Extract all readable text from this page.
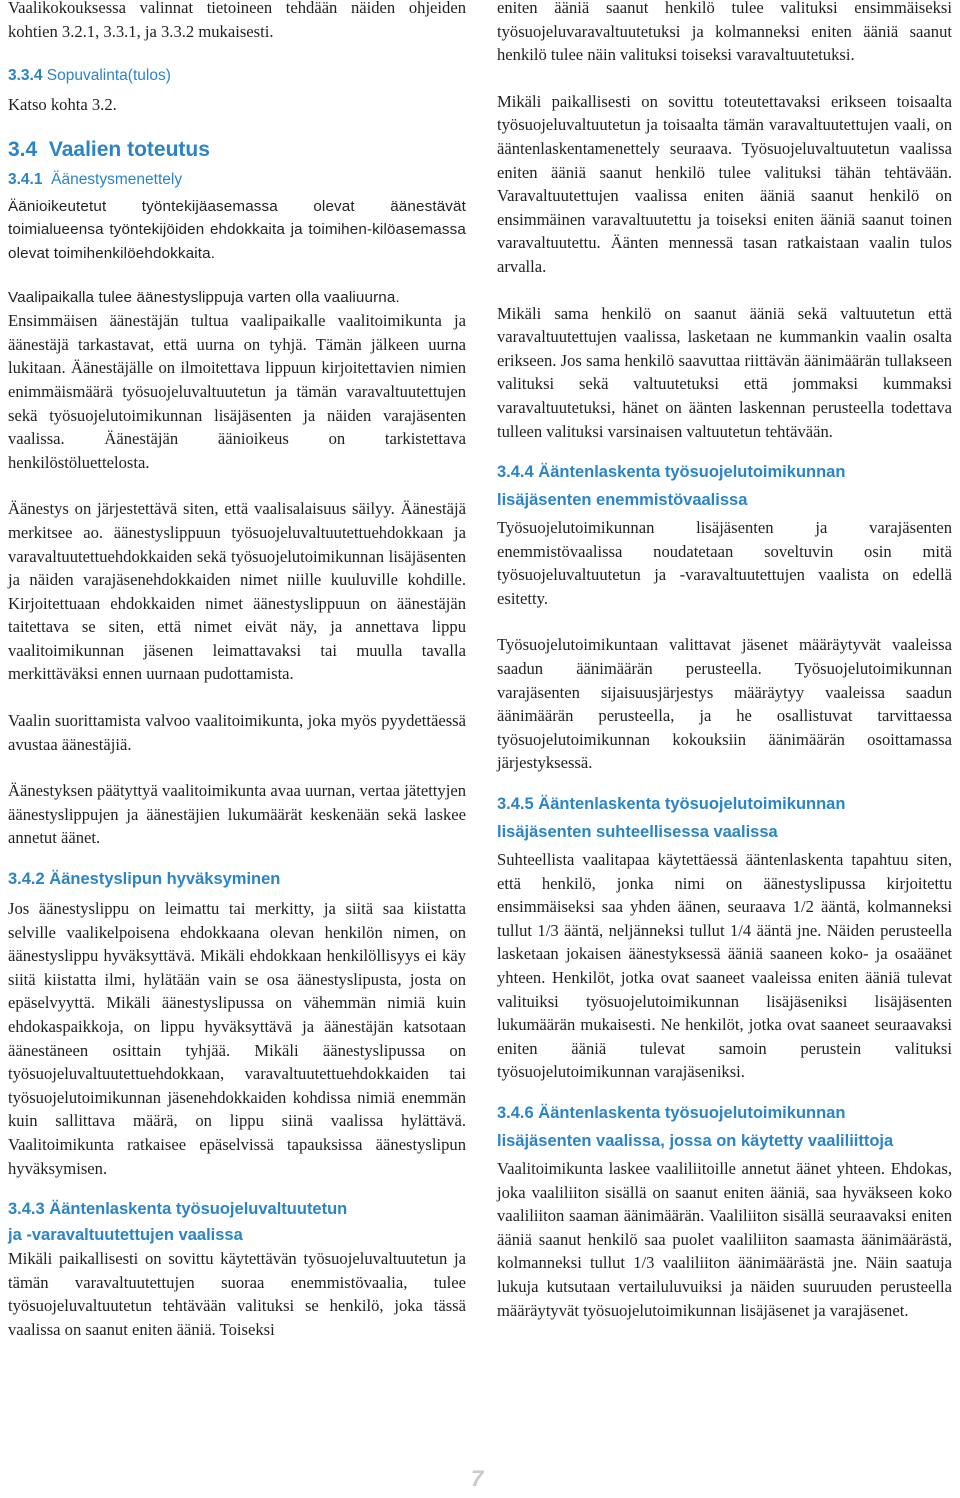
Vaalikokouksessa valinnat tietoineen tehdään näiden ohjeiden kohtien 3.2.1, 3.3.1, ja 3.3.2 mukaisesti.

3.3.4 Sopuvalinta(tulos)

Katso kohta 3.2.

3.4 Vaalien toteutus
3.4.1 Äänestysmenettely

Äänioikeutetut työntekijäasemassa olevat äänestävät toimialueensa työntekijöiden ehdokkaita ja toimihen-kilöasemassa olevat toimihenkilöehdokkaita.

Vaalipaikalla tulee äänestyslippuja varten olla vaaliuurna.

Ensimmäisen äänestäjän tultua vaalipaikalle vaalitoimikunta ja äänestäjä tarkastavat, että uurna on tyhjä. Tämän jälkeen uurna lukitaan. Äänestäjälle on ilmoitettava lippuun kirjoitettavien nimien enimmäismäärä työsuojeluvaltuutetun ja tämän varavaltuutettujen sekä työsuojelutoimikunnan lisäjäsenten ja näiden varajäsenten vaalissa. Äänestäjän äänioikeus on tarkistettava henkilöstöluettelosta.

Äänestys on järjestettävä siten, että vaalisalaisuus säilyy. Äänestäjä merkitsee ao. äänestyslippuun työsuojeluvaltuutettuehdokkaan ja varavaltuutettuehdokkaiden sekä työsuojelutoimikunnan lisäjäsenten ja näiden varajäsenehdokkaiden nimet niille kuuluville kohdille. Kirjoitettuaan ehdokkaiden nimet äänestyslippuun on äänestäjän taitettava se siten, että nimet eivät näy, ja annettava lippu vaalitoimikunnan jäsenen leimattavaksi tai muulla tavalla merkittäväksi ennen uurnaan pudottamista.

Vaalin suorittamista valvoo vaalitoimikunta, joka myös pyydettäessä avustaa äänestäjiä.

Äänestyksen päätyttyä vaalitoimikunta avaa uurnan, vertaa jätettyjen äänestyslippujen ja äänestäjien lukumäärät keskenään sekä laskee annetut äänet.

3.4.2 Äänestyslipun hyväksyminen

Jos äänestyslippu on leimattu tai merkitty, ja siitä saa kiistatta selville vaalikelpoisena ehdokkaana olevan henkilön nimen, on äänestyslippu hyväksyttävä. Mikäli ehdokkaan henkilöllisyys ei käy siitä kiistatta ilmi, hylätään vain se osa äänestyslipusta, josta on epäselvyyttä. Mikäli äänestyslipussa on vähemmän nimiä kuin ehdokaspaikkoja, on lippu hyväksyttävä ja äänestäjän katsotaan äänestäneen osittain tyhjää. Mikäli äänestyslipussa on työsuojeluvaltuutettuehdokkaan, varavaltuutettuehdokkaiden tai työsuojelutoimikunnan jäsenehdokkaiden kohdissa nimiä enemmän kuin sallittava määrä, on lippu siinä vaalissa hylättävä. Vaalitoimikunta ratkaisee epäselvissä tapauksissa äänestyslipun hyväksymisen.

3.4.3 Ääntenlaskenta työsuojeluvaltuutetun
ja -varavaltuutettujen vaalissa

Mikäli paikallisesti on sovittu käytettävän työsuojeluvaltuutetun ja tämän varavaltuutettujen suoraa enemmistövaalia, tulee työsuojeluvaltuutetun tehtävään valituksi se henkilö, joka tässä vaalissa on saanut eniten ääniä. Toiseksi

eniten ääniä saanut henkilö tulee valituksi ensimmäiseksi työsuojeluvaravaltuutetuksi ja kolmanneksi eniten ääniä saanut henkilö tulee näin valituksi toiseksi varavaltuutetuksi.

Mikäli paikallisesti on sovittu toteutettavaksi erikseen toisaalta työsuojeluvaltuutetun ja toisaalta tämän varavaltuutettujen vaali, on ääntenlaskentamenettely seuraava. Työsuojeluvaltuutetun vaalissa eniten ääniä saanut henkilö tulee valituksi tähän tehtävään. Varavaltuutettujen vaalissa eniten ääniä saanut henkilö on ensimmäinen varavaltuutettu ja toiseksi eniten ääniä saanut toinen varavaltuutettu. Äänten mennessä tasan ratkaistaan vaalin tulos arvalla.

Mikäli sama henkilö on saanut ääniä sekä valtuutetun että varavaltuutettujen vaalissa, lasketaan ne kummankin vaalin osalta erikseen. Jos sama henkilö saavuttaa riittävän äänimäärän tullakseen valituksi sekä valtuutetuksi että jommaksi kummaksi varavaltuutetuksi, hänet on äänten laskennan perusteella todettava tulleen valituksi varsinaisen valtuutetun tehtävään.

3.4.4 Ääntenlaskenta työsuojelutoimikunnan
lisäjäsenten enemmistövaalissa

Työsuojelutoimikunnan lisäjäsenten ja varajäsenten enemmistövaalissa noudatetaan soveltuvin osin mitä työsuojeluvaltuutetun ja -varavaltuutettujen vaalista on edellä esitetty.

Työsuojelutoimikuntaan valittavat jäsenet määräytyvät vaaleissa saadun äänimäärän perusteella. Työsuojelutoimikunnan varajäsenten sijaisuusjärjestys määräytyy vaaleissa saadun äänimäärän perusteella, ja he osallistuvat tarvittaessa työsuojelutoimikunnan kokouksiin äänimäärän osoittamassa järjestyksessä.

3.4.5 Ääntenlaskenta työsuojelutoimikunnan
lisäjäsenten suhteellisessa vaalissa

Suhteellista vaalitapaa käytettäessä ääntenlaskenta tapahtuu siten, että henkilö, jonka nimi on äänestyslipussa kirjoitettu ensimmäiseksi saa yhden äänen, seuraava 1/2 ääntä, kolmanneksi tullut 1/3 ääntä, neljänneksi tullut 1/4 ääntä jne. Näiden perusteella lasketaan jokaisen äänestyksessä ääniä saaneen koko- ja osaäänet yhteen. Henkilöt, jotka ovat saaneet vaaleissa eniten ääniä tulevat valituiksi työsuojelutoimikunnan lisäjäseniksi lisäjäsenten lukumäärän mukaisesti. Ne henkilöt, jotka ovat saaneet seuraavaksi eniten ääniä tulevat samoin perustein valituksi työsuojelutoimikunnan varajäseniksi.

3.4.6 Ääntenlaskenta työsuojelutoimikunnan
lisäjäsenten vaalissa, jossa on käytetty vaaliliittoja

Vaalitoimikunta laskee vaaliliitoille annetut äänet yhteen. Ehdokas, joka vaaliliiton sisällä on saanut eniten ääniä, saa hyväkseen koko vaaliliiton saaman äänimäärän. Vaaliliiton sisällä seuraavaksi eniten ääniä saanut henkilö saa puolet vaaliliiton saamasta äänimäärästä, kolmanneksi tullut 1/3 vaaliliiton äänimäärästä jne. Näin saatuja lukuja kutsutaan vertailuluvuiksi ja näiden suuruuden perusteella määräytyvät työsuojelutoimikunnan lisäjäsenet ja varajäsenet.

7
